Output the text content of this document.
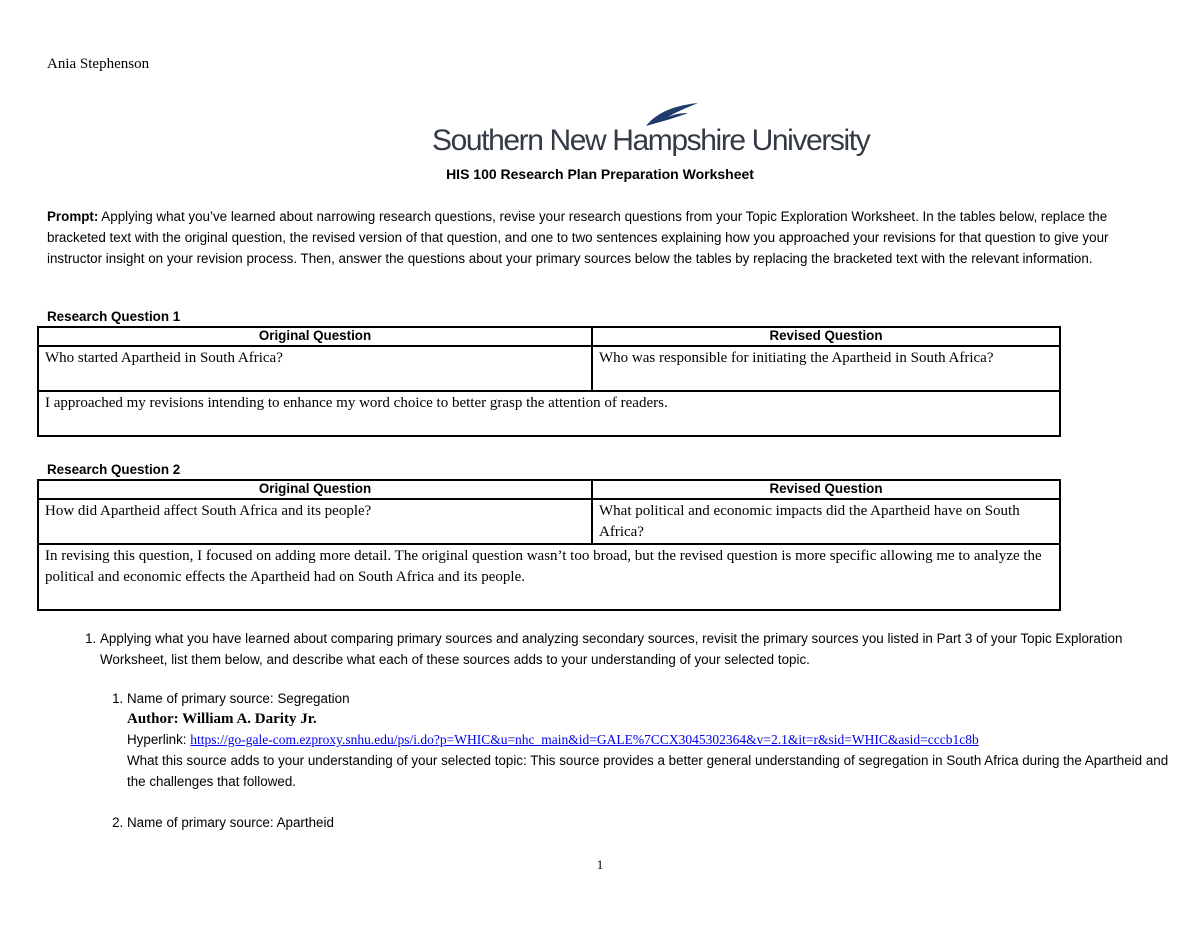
Ania Stephenson
Southern New Hampshire University
HIS 100 Research Plan Preparation Worksheet
Prompt: Applying what you’ve learned about narrowing research questions, revise your research questions from your Topic Exploration Worksheet. In the tables below, replace the bracketed text with the original question, the revised version of that question, and one to two sentences explaining how you approached your revisions for that question to give your instructor insight on your revision process. Then, answer the questions about your primary sources below the tables by replacing the bracketed text with the relevant information.
Research Question 1
Original Question	Revised Question
Who started Apartheid in South Africa?	Who was responsible for initiating the Apartheid in South Africa?
I approached my revisions intending to enhance my word choice to better grasp the attention of readers.	
Research Question 2
Original Question	Revised Question
How did Apartheid affect South Africa and its people?	What political and economic impacts did the Apartheid have on South Africa?
In revising this question, I focused on adding more detail. The original question wasn’t too broad, but the revised question is more specific allowing me to analyze the political and economic effects the Apartheid had on South Africa and its people.	
1. Applying what you have learned about comparing primary sources and analyzing secondary sources, revisit the primary sources you listed in Part 3 of your Topic Exploration Worksheet, list them below, and describe what each of these sources adds to your understanding of your selected topic.
1. Name of primary source: Segregation
Author: William A. Darity Jr.
Hyperlink: https://go-gale-com.ezproxy.snhu.edu/ps/i.do?p=WHIC&u=nhc_main&id=GALE%7CCX3045302364&v=2.1&it=r&sid=WHIC&asid=cccb1c8b
What this source adds to your understanding of your selected topic: This source provides a better general understanding of segregation in South Africa during the Apartheid and the challenges that followed.
2. Name of primary source: Apartheid
1
